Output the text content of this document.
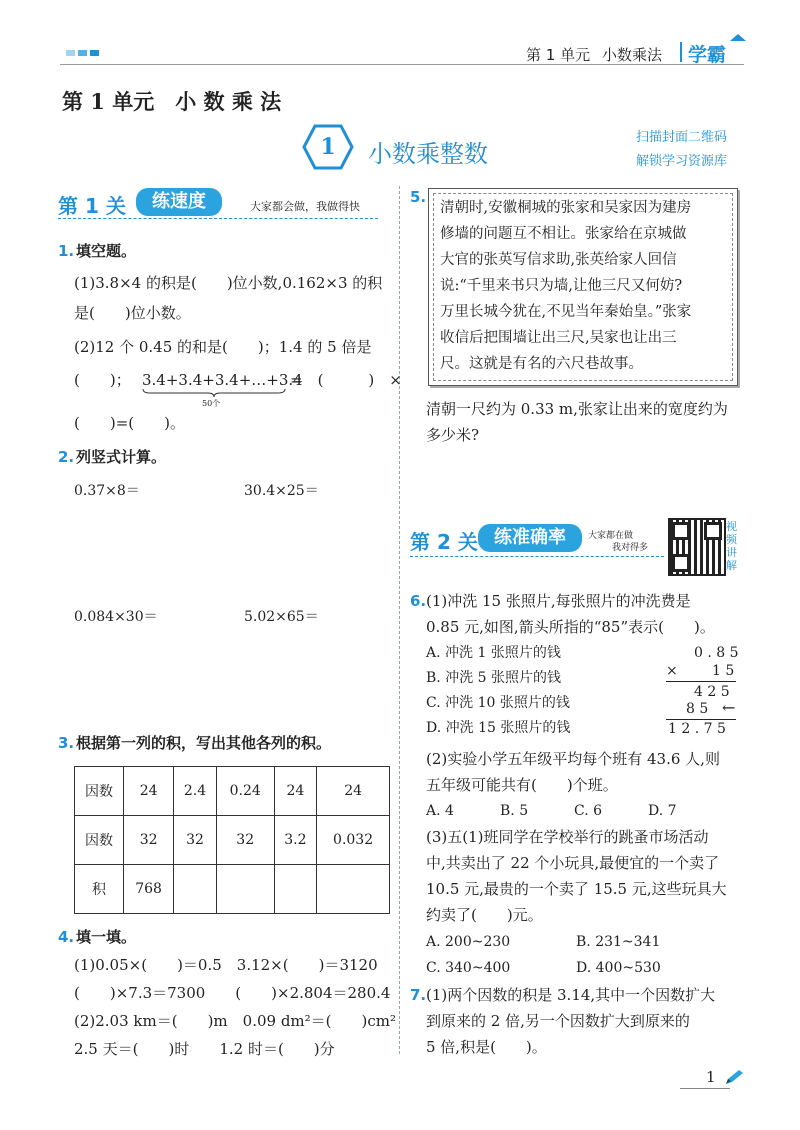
第 1 单元 小数乘法 学霸
第 1 单元　小 数 乘 法
1	小数乘整数
扫描封面二维码
解锁学习资源库
第 1 关	练速度	大家都会做，我做得快
1. 填空题。
(1)3.8×4 的积是(　　)位小数,0.162×3 的积
是(　　)位小数。
(2)12 个 0.45 的和是(　　)；1.4 的 5 倍是
(　　)； 3.4+3.4+3.4+…+3.4
50个
=　(　　　)　×
(　　)=(　　)。
2. 列竖式计算。
0.37×8＝	30.4×25＝
0.084×30＝	5.02×65＝
3. 根据第一列的积，写出其他各列的积。
因数	24	2.4	0.24	24	24
因数	32	32	32	3.2	0.032
积	768				
4. 填一填。
(1)0.05×(　　)＝0.5　3.12×(　　)＝3120
(　　)×7.3＝7300　　(　　)×2.804＝280.4
(2)2.03 km＝(　　)m　0.09 dm²＝(　　)cm²
2.5 天＝(　　)时　　1.2 时＝(　　)分
5.
清朝时,安徽桐城的张家和吴家因为建房
修墙的问题互不相让。张家给在京城做
大官的张英写信求助,张英给家人回信
说:“千里来书只为墙,让他三尺又何妨?
万里长城今犹在,不见当年秦始皇。”张家
收信后把围墙让出三尺,吴家也让出三
尺。这就是有名的六尺巷故事。
清朝一尺约为 0.33 m,张家让出来的宽度约为
多少米?
第 2 关 练准确率	大家都在做
我对得多
视频讲解
6. (1)冲洗 15 张照片,每张照片的冲洗费是
0.85 元,如图,箭头所指的“85”表示(　　)。
A. 冲洗 1 张照片的钱
B. 冲洗 5 张照片的钱
C. 冲洗 10 张照片的钱
D. 冲洗 15 张照片的钱
0 . 8 5
× 1 5
4 2 5
8 5 ←
1 2 . 7 5
(2)实验小学五年级平均每个班有 43.6 人,则
五年级可能共有(　　)个班。
A. 4	B. 5	C. 6	D. 7
(3)五(1)班同学在学校举行的跳蚤市场活动
中,共卖出了 22 个小玩具,最便宜的一个卖了
10.5 元,最贵的一个卖了 15.5 元,这些玩具大
约卖了(　　)元。
A. 200~230	B. 231~341
C. 340~400	D. 400~530
7. (1)两个因数的积是 3.14,其中一个因数扩大
到原来的 2 倍,另一个因数扩大到原来的
5 倍,积是(　　)。
1
